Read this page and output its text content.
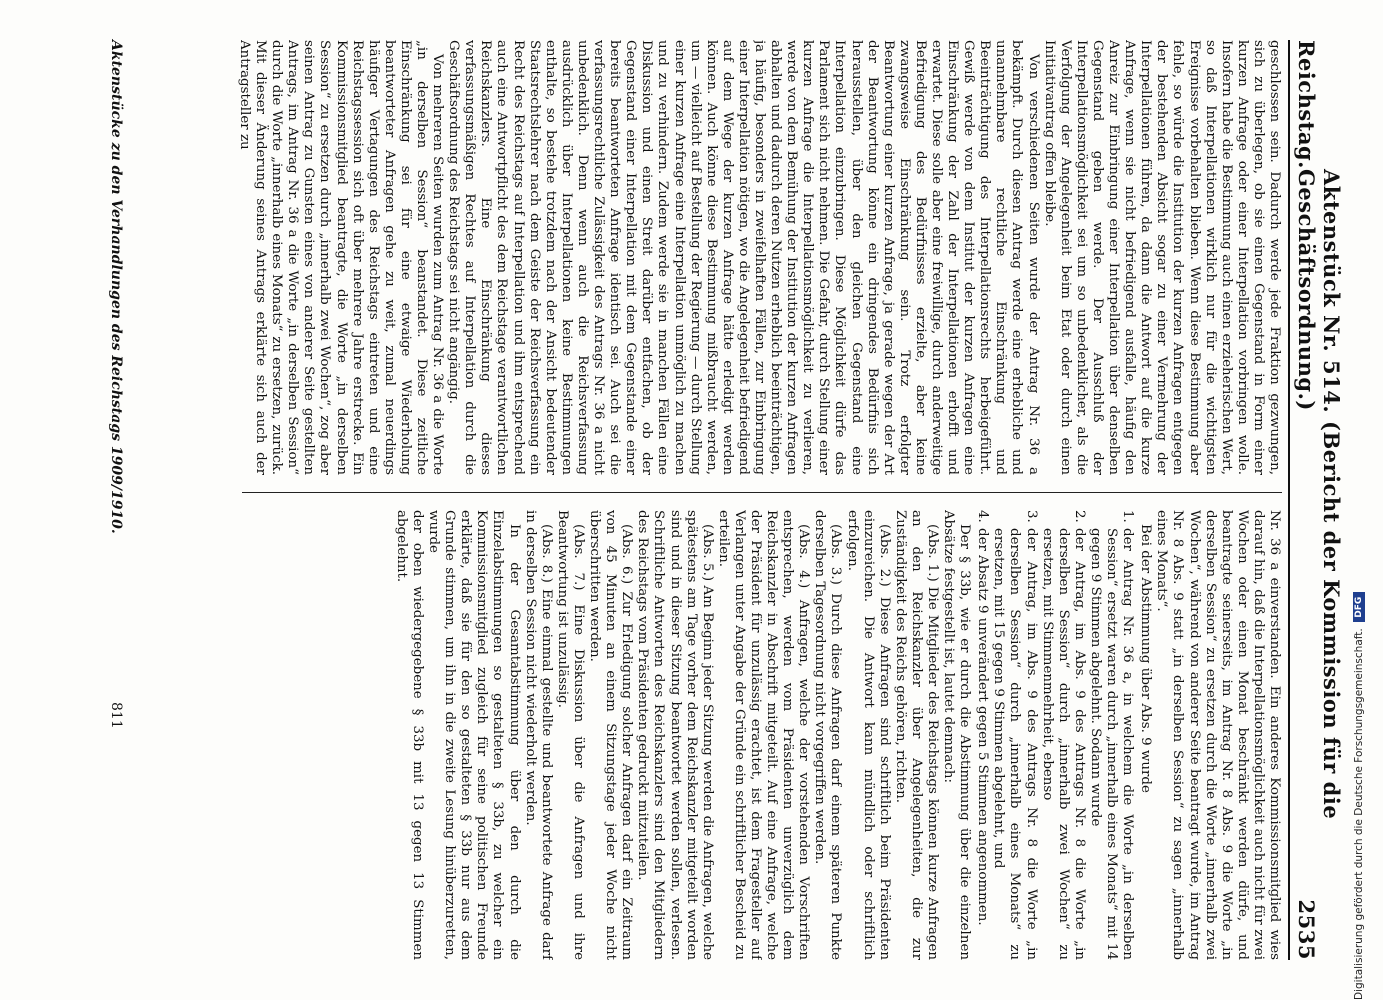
Reichstag.
Aktenstück Nr. 514. (Bericht der Kommission für die Geschäftsordnung.)
2535

geschlossen sein. Dadurch werde jede Fraktion gezwungen, sich zu überlegen, ob sie einen Gegenstand in Form einer kurzen Anfrage oder einer Interpellation vorbringen wolle. Insofern habe die Bestimmung auch einen erzieherischen Wert, so daß Interpellationen wirklich nur für die wichtigsten Ereignisse vorbehalten blieben. Wenn diese Bestimmung aber fehle, so würde die Institution der kurzen Anfragen entgegen der bestehenden Absicht sogar zu einer Vermehrung der Interpellationen führen, da dann die Antwort auf die kurze Anfrage, wenn sie nicht befriedigend ausfalle, häufig den Anreiz zur Einbringung einer Interpellation über denselben Gegenstand geben werde. Der Ausschluß der Interpellationsmöglichkeit sei um so unbedenklicher, als die Verfolgung der Angelegenheit beim Etat oder durch einen Initiativantrag offen bleibe.

Von verschiedenen Seiten wurde der Antrag Nr. 36 a bekämpft. Durch diesen Antrag werde eine erhebliche und unannehmbare rechtliche Einschränkung und Beeinträchtigung des Interpellationsrechts herbeigeführt. Gewiß werde von dem Institut der kurzen Anfragen eine Einschränkung der Zahl der Interpellationen erhofft und erwartet. Diese solle aber eine freiwillige, durch anderweitige Befriedigung des Bedürfnisses erzielte, aber keine zwangsweise Einschränkung sein. Trotz erfolgter Beantwortung einer kurzen Anfrage, ja gerade wegen der Art der Beantwortung könne ein dringendes Bedürfnis sich herausstellen, über den gleichen Gegenstand eine Interpellation einzubringen. Diese Möglichkeit dürfe das Parlament sich nicht nehmen. Die Gefahr, durch Stellung einer kurzen Anfrage die Interpellationsmöglichkeit zu verlieren, werde von dem Bemühung der Institution der kurzen Anfragen abhalten und dadurch deren Nutzen erheblich beeinträchtigen, ja häufig, besonders in zweifelhaften Fällen, zur Einbringung einer Interpellation nötigen, wo die Angelegenheit befriedigend auf dem Wege der kurzen Anfrage hätte erledigt werden können. Auch könne diese Bestimmung mißbraucht werden, um — vielleicht auf Bestellung der Regierung — durch Stellung einer kurzen Anfrage eine Interpellation unmöglich zu machen und zu verhindern. Zudem werde sie in manchen Fällen eine Diskussion und einen Streit darüber entfachen, ob der Gegenstand einer Interpellation mit dem Gegenstande einer bereits beantworteten Anfrage identisch sei. Auch sei die verfassungsrechtliche Zulässigkeit des Antrags Nr. 36 a nicht unbedenklich. Denn wenn auch die Reichsverfassung ausdrücklich über Interpellationen keine Bestimmungen enthalte, so bestehe trotzdem nach der Ansicht bedeutender Staatsrechtslehrer nach dem Geiste der Reichsverfassung ein Recht des Reichstags auf Interpellation und ihm entsprechend auch eine Antwortpflicht des dem Reichstage verantwortlichen Reichskanzlers. Eine Einschränkung dieses verfassungsmäßigen Rechtes auf Interpellation durch die Geschäftsordnung des Reichstags sei nicht angängig.

Von mehreren Seiten wurden zum Antrag Nr. 36 a die Worte „in derselben Session“ beanstandet. Diese zeitliche Einschränkung sei für eine etwaige Wiederholung beantworteter Anfragen gehe zu weit, zumal neuerdings häufiger Vertagungen des Reichstags eintreten und eine Reichstagssession sich oft über mehrere Jahre erstrecke. Ein Kommissionsmitglied beantragte, die Worte „in derselben Session“ zu ersetzen durch „innerhalb zwei Wochen“, zog aber seinen Antrag zu Gunsten eines von anderer Seite gestellten Antrags, im Antrag Nr. 36 a die Worte „in derselben Session“ durch die Worte „innerhalb eines Monats“ zu ersetzen, zurück. Mit dieser Änderung seines Antrags erklärte sich auch der Antragsteller zu

Nr. 36 a einverstanden. Ein anderes Kommissionsmitglied wies darauf hin, daß die Interpellationsmöglichkeit auch nicht für zwei Wochen oder einen Monat beschränkt werden dürfe, und beantragte seinerseits, im Antrag Nr. 8 Abs. 9 die Worte „in derselben Session“ zu ersetzen durch die Worte „innerhalb zwei Wochen“, während von anderer Seite beantragt wurde, im Antrag Nr. 8 Abs. 9 statt „in derselben Session“ zu sagen „innerhalb eines Monats“.

Bei der Abstimmung über Abs. 9 wurde

1.
der Antrag Nr. 36 a, in welchem die Worte „in derselben Session“ ersetzt waren durch „innerhalb eines Monats“ mit 14 gegen 9 Stimmen abgelehnt. Sodann wurde
2.
der Antrag, im Abs. 9 des Antrags Nr. 8 die Worte „in derselben Session“ durch „innerhalb zwei Wochen“ zu ersetzen, mit Stimmenmehrheit, ebenso
3.
der Antrag, im Abs. 9 des Antrags Nr. 8 die Worte „in derselben Session“ durch „innerhalb eines Monats“ zu ersetzen, mit 15 gegen 9 Stimmen abgelehnt, und
4.
der Absatz 9 unverändert gegen 5 Stimmen angenommen.

Der § 33b, wie er durch die Abstimmung über die einzelnen Absätze festgestellt ist, lautet demnach:

(Abs. 1.) Die Mitglieder des Reichstags können kurze Anfragen an den Reichskanzler über Angelegenheiten, die zur Zuständigkeit des Reichs gehören, richten.

(Abs. 2.) Diese Anfragen sind schriftlich beim Präsidenten einzureichen. Die Antwort kann mündlich oder schriftlich erfolgen.

(Abs. 3.) Durch diese Anfragen darf einem späteren Punkte derselben Tagesordnung nicht vorgegriffen werden.

(Abs. 4.) Anfragen, welche der vorstehenden Vorschriften entsprechen, werden vom Präsidenten unverzüglich dem Reichskanzler in Abschrift mitgeteilt. Auf eine Anfrage, welche der Präsident für unzulässig erachtet, ist dem Fragesteller auf Verlangen unter Angabe der Gründe ein schriftlicher Bescheid zu erteilen.

(Abs. 5.) Am Beginn jeder Sitzung werden die Anfragen, welche spätestens am Tage vorher dem Reichskanzler mitgeteilt worden sind und in dieser Sitzung beantwortet werden sollen, verlesen. Schriftliche Antworten des Reichskanzlers sind den Mitgliedern des Reichstags vom Präsidenten gedruckt mitzuteilen.

(Abs. 6.) Zur Erledigung solcher Anfragen darf ein Zeitraum von 45 Minuten an einem Sitzungstage jeder Woche nicht überschritten werden.

(Abs. 7.) Eine Diskussion über die Anfragen und ihre Beantwortung ist unzulässig.

(Abs. 8.) Eine einmal gestellte und beantwortete Anfrage darf in derselben Session nicht wiederholt werden.

In der Gesamtabstimmung über den durch die Einzelabstimmungen so gestalteten § 33b, zu welcher ein Kommissionsmitglied zugleich für seine politischen Freunde erklärte, daß sie für den so gestalteten § 33b nur aus dem Grunde stimmen, um ihn in die zweite Lesung hinüberzuretten, wurde

der oben wiedergegebene § 33b mit 13 gegen 13 Stimmen abgelehnt.

Aktenstücke zu den Verhandlungen des Reichstags 1909/1910.
811	Digitalisierung gefördert durch die Deutsche Forschungsgemeinschaft.
DFG
